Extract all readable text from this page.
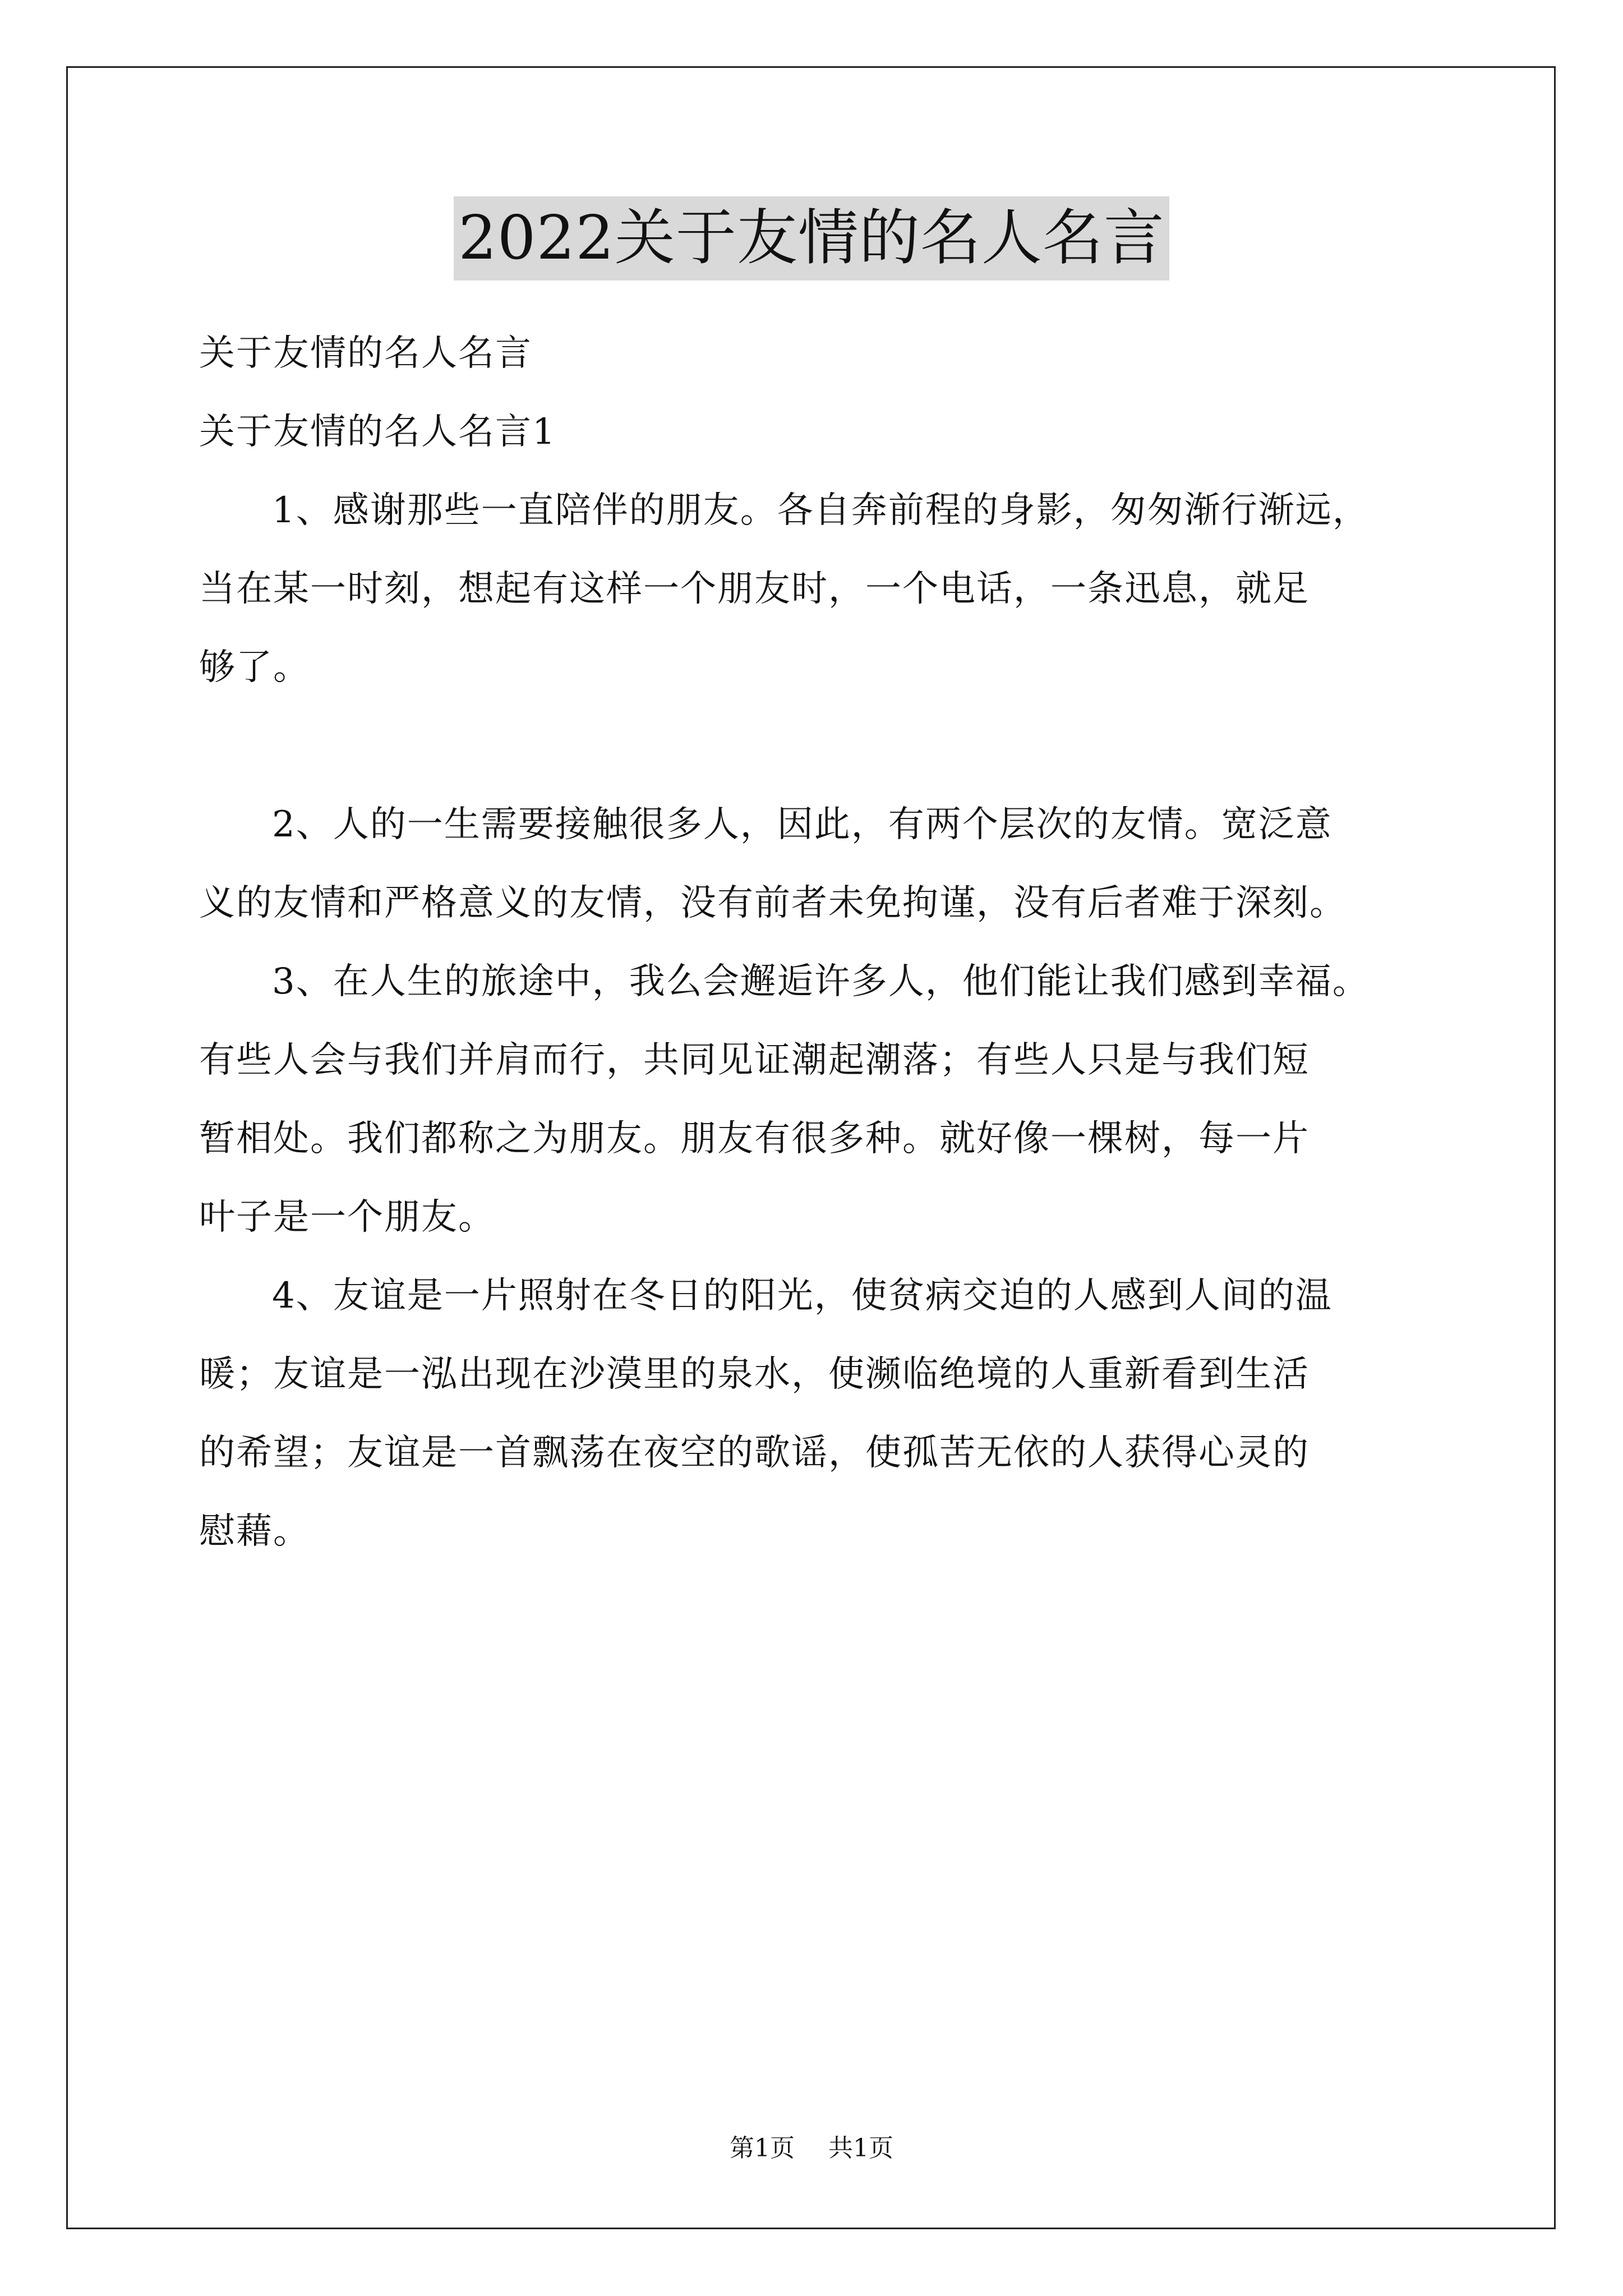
2022关于友情的名人名言
关于友情的名人名言
关于友情的名人名言1
1、感谢那些一直陪伴的朋友。各自奔前程的身影，匆匆渐行渐远，
当在某一时刻，想起有这样一个朋友时，一个电话，一条迅息，就足
够了。
2、人的一生需要接触很多人，因此，有两个层次的友情。宽泛意
义的友情和严格意义的友情，没有前者未免拘谨，没有后者难于深刻。
3、在人生的旅途中，我么会邂逅许多人，他们能让我们感到幸福。
有些人会与我们并肩而行，共同见证潮起潮落；有些人只是与我们短
暂相处。我们都称之为朋友。朋友有很多种。就好像一棵树，每一片
叶子是一个朋友。
4、友谊是一片照射在冬日的阳光，使贫病交迫的人感到人间的温
暖；友谊是一泓出现在沙漠里的泉水，使濒临绝境的人重新看到生活
的希望；友谊是一首飘荡在夜空的歌谣，使孤苦无依的人获得心灵的
慰藉。
第1页 共1页
